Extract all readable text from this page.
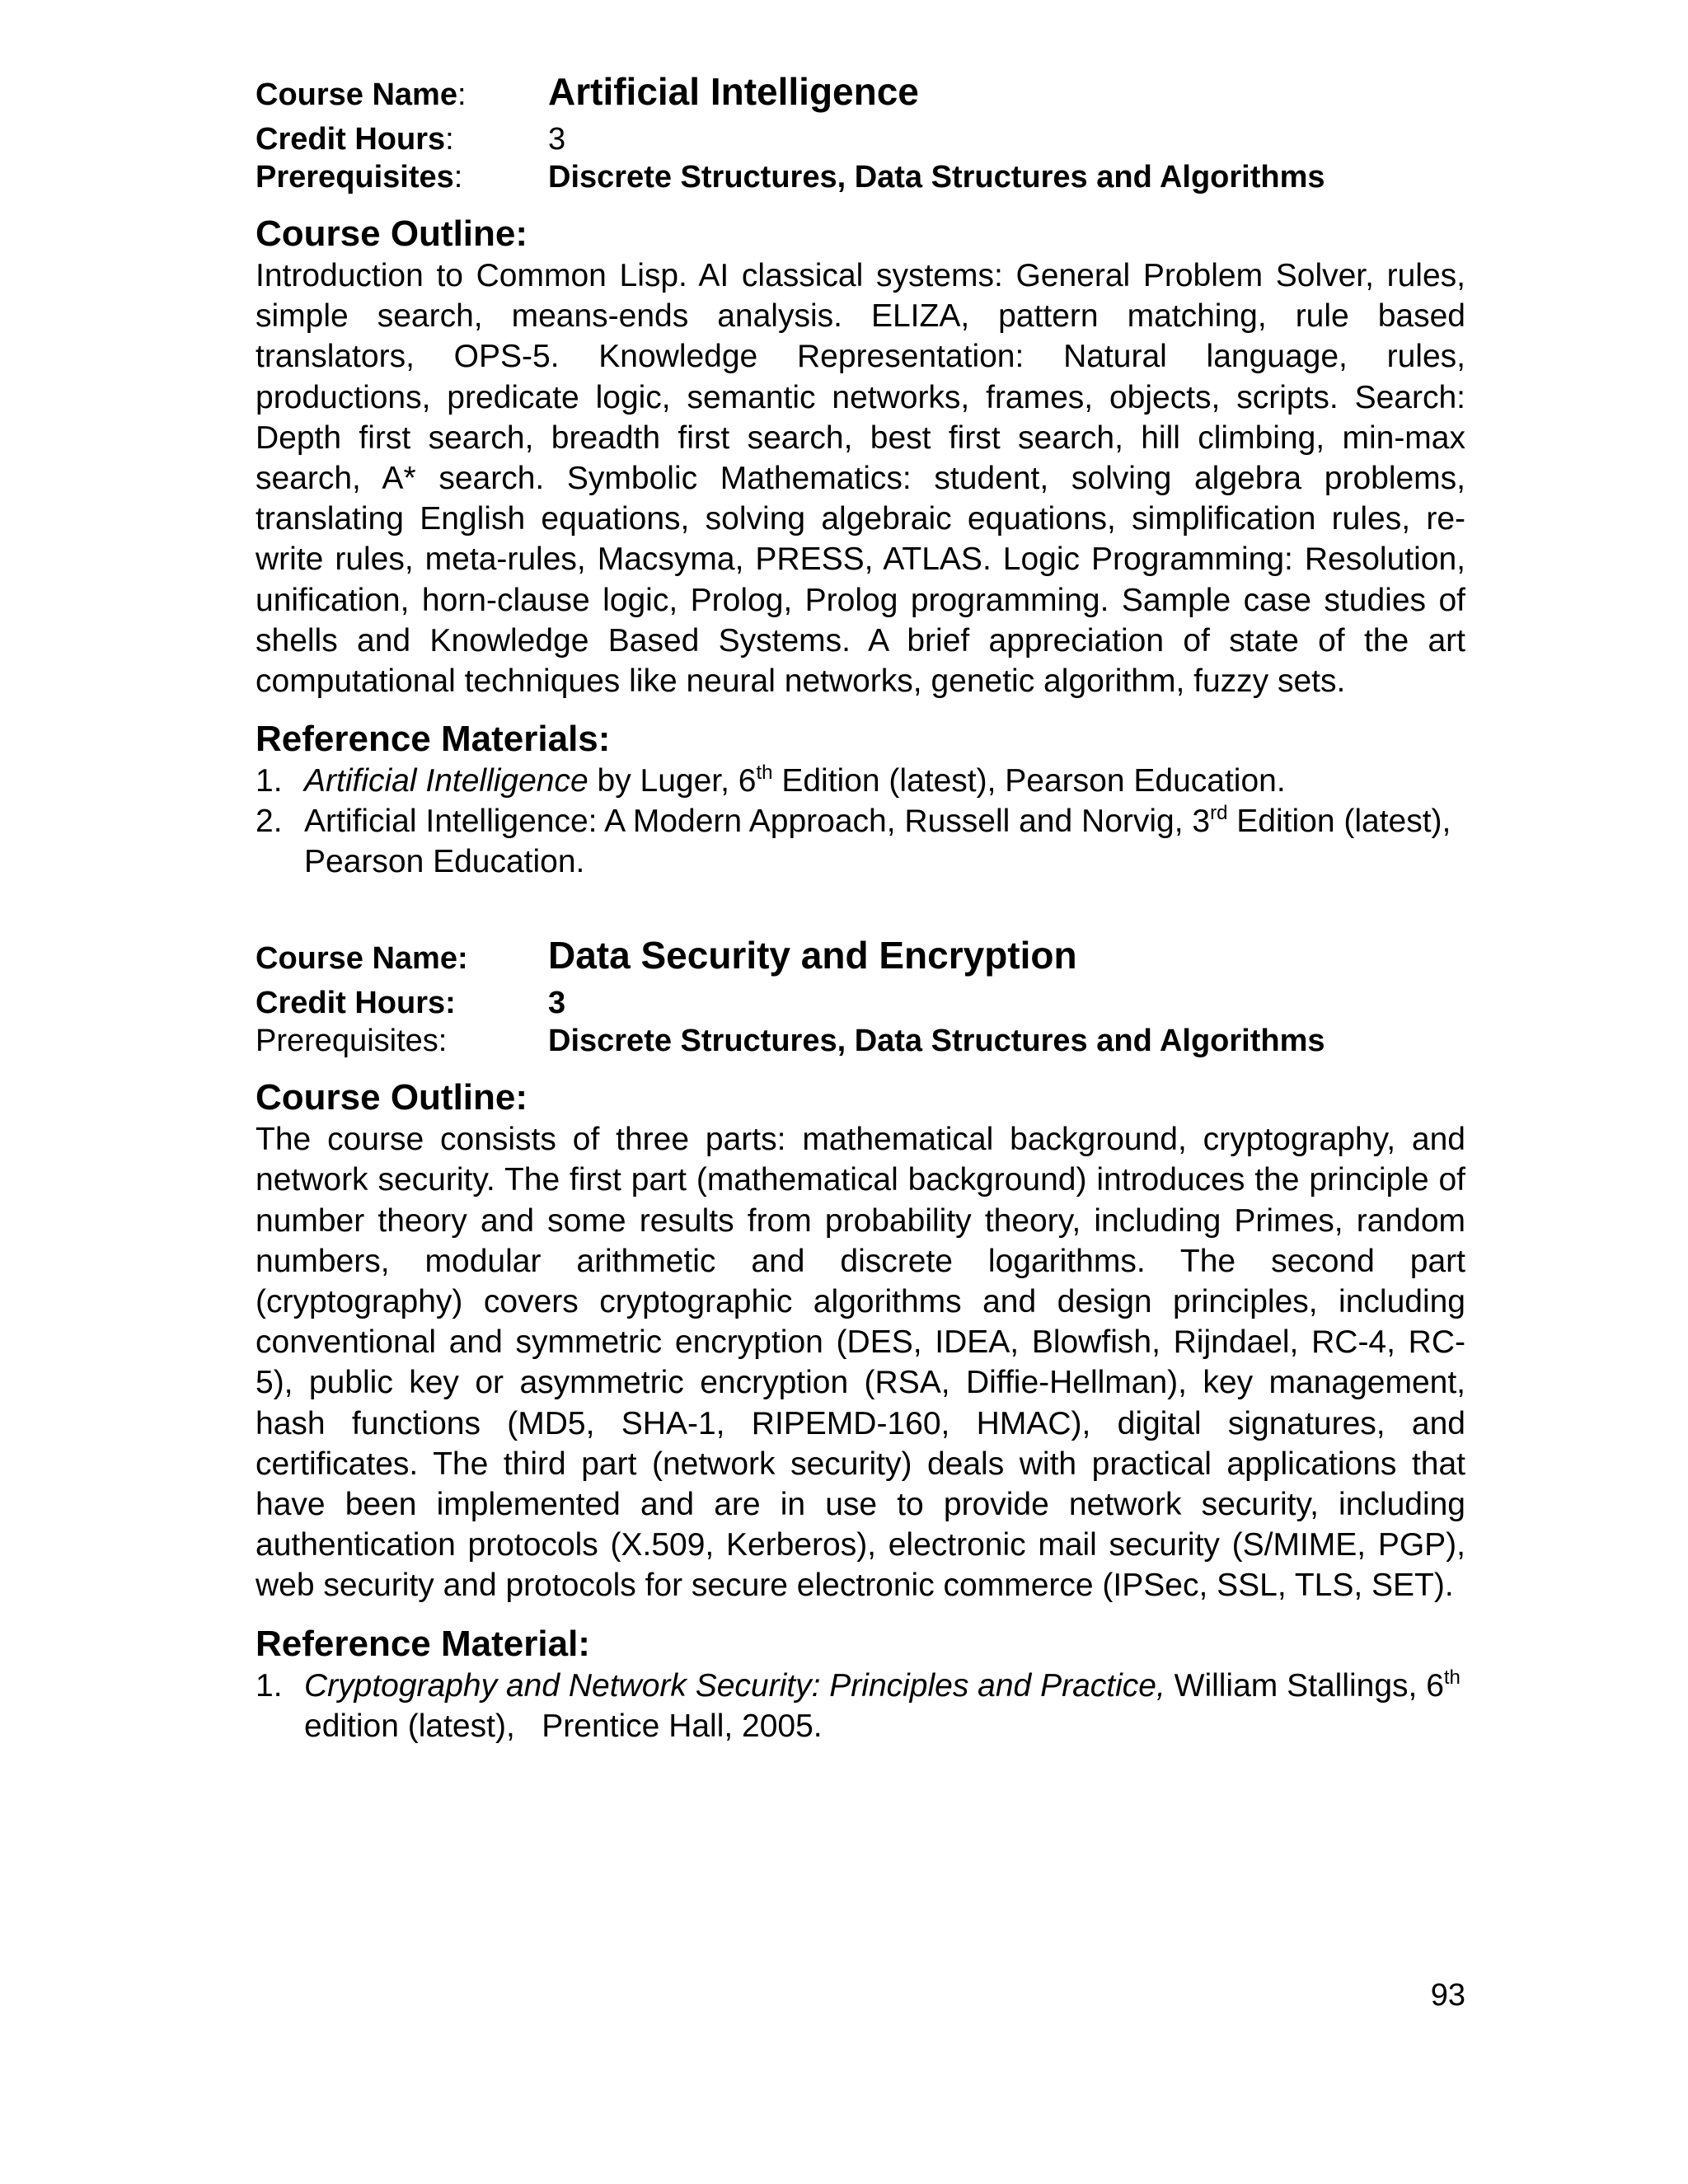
Course Name:	Artificial Intelligence
Credit Hours:	3
Prerequisites:	Discrete Structures, Data Structures and Algorithms
Course Outline:

Introduction to Common Lisp. AI classical systems: General Problem Solver, rules, simple search, means-ends analysis. ELIZA, pattern matching, rule based translators, OPS-5. Knowledge Representation: Natural language, rules, productions, predicate logic, semantic networks, frames, objects, scripts. Search: Depth first search, breadth first search, best first search, hill climbing, min-max search, A* search. Symbolic Mathematics: student, solving algebra problems, translating English equations, solving algebraic equations, simplification rules, re-write rules, meta-rules, Macsyma, PRESS, ATLAS. Logic Programming: Resolution, unification, horn-clause logic, Prolog, Prolog programming. Sample case studies of shells and Knowledge Based Systems. A brief appreciation of state of the art computational techniques like neural networks, genetic algorithm, fuzzy sets.

Reference Materials:
1. Artificial Intelligence by Luger, 6th Edition (latest), Pearson Education.
2. Artificial Intelligence: A Modern Approach, Russell and Norvig, 3rd Edition (latest), Pearson Education.
Course Name:	Data Security and Encryption
Credit Hours:	3
Prerequisites:	Discrete Structures, Data Structures and Algorithms
Course Outline:

The course consists of three parts: mathematical background, cryptography, and network security. The first part (mathematical background) introduces the principle of number theory and some results from probability theory, including Primes, random numbers, modular arithmetic and discrete logarithms. The second part (cryptography) covers cryptographic algorithms and design principles, including conventional and symmetric encryption (DES, IDEA, Blowfish, Rijndael, RC-4, RC-5), public key or asymmetric encryption (RSA, Diffie-Hellman), key management, hash functions (MD5, SHA-1, RIPEMD-160, HMAC), digital signatures, and certificates. The third part (network security) deals with practical applications that have been implemented and are in use to provide network security, including authentication protocols (X.509, Kerberos), electronic mail security (S/MIME, PGP), web security and protocols for secure electronic commerce (IPSec, SSL, TLS, SET).

Reference Material:
1. Cryptography and Network Security: Principles and Practice, William Stallings, 6th edition (latest),   Prentice Hall, 2005.
93
